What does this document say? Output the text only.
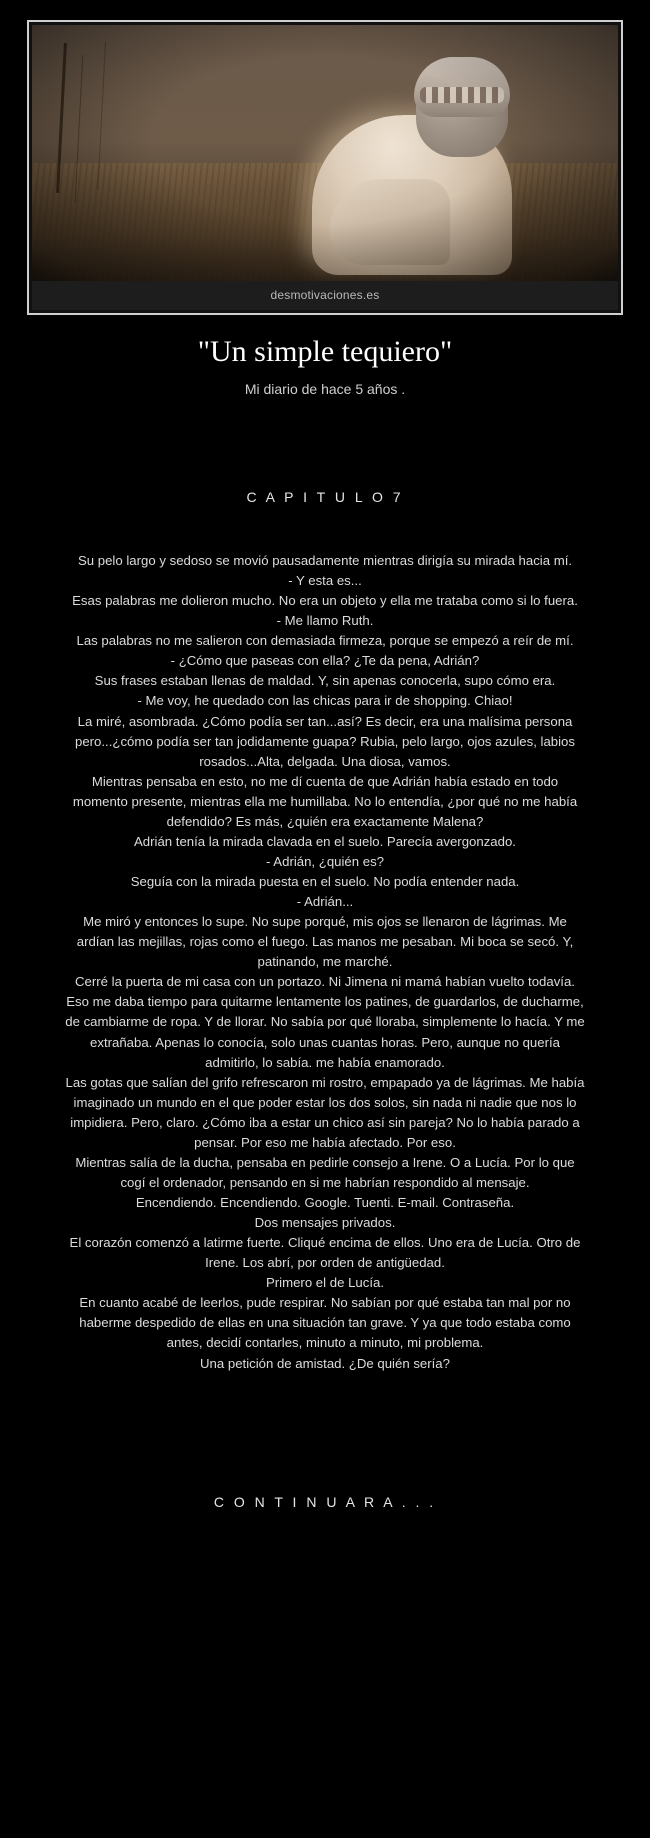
desmotivaciones.es
"Un simple tequiero"
Mi diario de hace 5 años .
C A P I T U L O 7

Su pelo largo y sedoso se movió pausadamente mientras dirigía su mirada hacia mí.

- Y esta es...

Esas palabras me dolieron mucho. No era un objeto y ella me trataba como si lo fuera.

- Me llamo Ruth.

Las palabras no me salieron con demasiada firmeza, porque se empezó a reír de mí.

- ¿Cómo que paseas con ella? ¿Te da pena, Adrián?

Sus frases estaban llenas de maldad. Y, sin apenas conocerla, supo cómo era.

- Me voy, he quedado con las chicas para ir de shopping. Chiao!

La miré, asombrada. ¿Cómo podía ser tan...así? Es decir, era una malísima persona pero...¿cómo podía ser tan jodidamente guapa? Rubia, pelo largo, ojos azules, labios rosados...Alta, delgada. Una diosa, vamos.

Mientras pensaba en esto, no me dí cuenta de que Adrián había estado en todo momento presente, mientras ella me humillaba. No lo entendía, ¿por qué no me había defendido? Es más, ¿quién era exactamente Malena?

Adrián tenía la mirada clavada en el suelo. Parecía avergonzado.

- Adrián, ¿quién es?

Seguía con la mirada puesta en el suelo. No podía entender nada.

- Adrián...

Me miró y entonces lo supe. No supe porqué, mis ojos se llenaron de lágrimas. Me ardían las mejillas, rojas como el fuego. Las manos me pesaban. Mi boca se secó. Y, patinando, me marché.

Cerré la puerta de mi casa con un portazo. Ni Jimena ni mamá habían vuelto todavía. Eso me daba tiempo para quitarme lentamente los patines, de guardarlos, de ducharme, de cambiarme de ropa. Y de llorar. No sabía por qué lloraba, simplemente lo hacía. Y me extrañaba. Apenas lo conocía, solo unas cuantas horas. Pero, aunque no quería admitirlo, lo sabía. me había enamorado.

Las gotas que salían del grifo refrescaron mi rostro, empapado ya de lágrimas. Me había imaginado un mundo en el que poder estar los dos solos, sin nada ni nadie que nos lo impidiera. Pero, claro. ¿Cómo iba a estar un chico así sin pareja? No lo había parado a pensar. Por eso me había afectado. Por eso.

Mientras salía de la ducha, pensaba en pedirle consejo a Irene. O a Lucía. Por lo que cogí el ordenador, pensando en si me habrían respondido al mensaje.

Encendiendo. Encendiendo. Google. Tuenti. E-mail. Contraseña.

Dos mensajes privados.

El corazón comenzó a latirme fuerte. Cliqué encima de ellos. Uno era de Lucía. Otro de Irene. Los abrí, por orden de antigüedad.

Primero el de Lucía.

En cuanto acabé de leerlos, pude respirar. No sabían por qué estaba tan mal por no haberme despedido de ellas en una situación tan grave. Y ya que todo estaba como antes, decidí contarles, minuto a minuto, mi problema.

Una petición de amistad. ¿De quién sería?

C O N T I N U A R A . . .
